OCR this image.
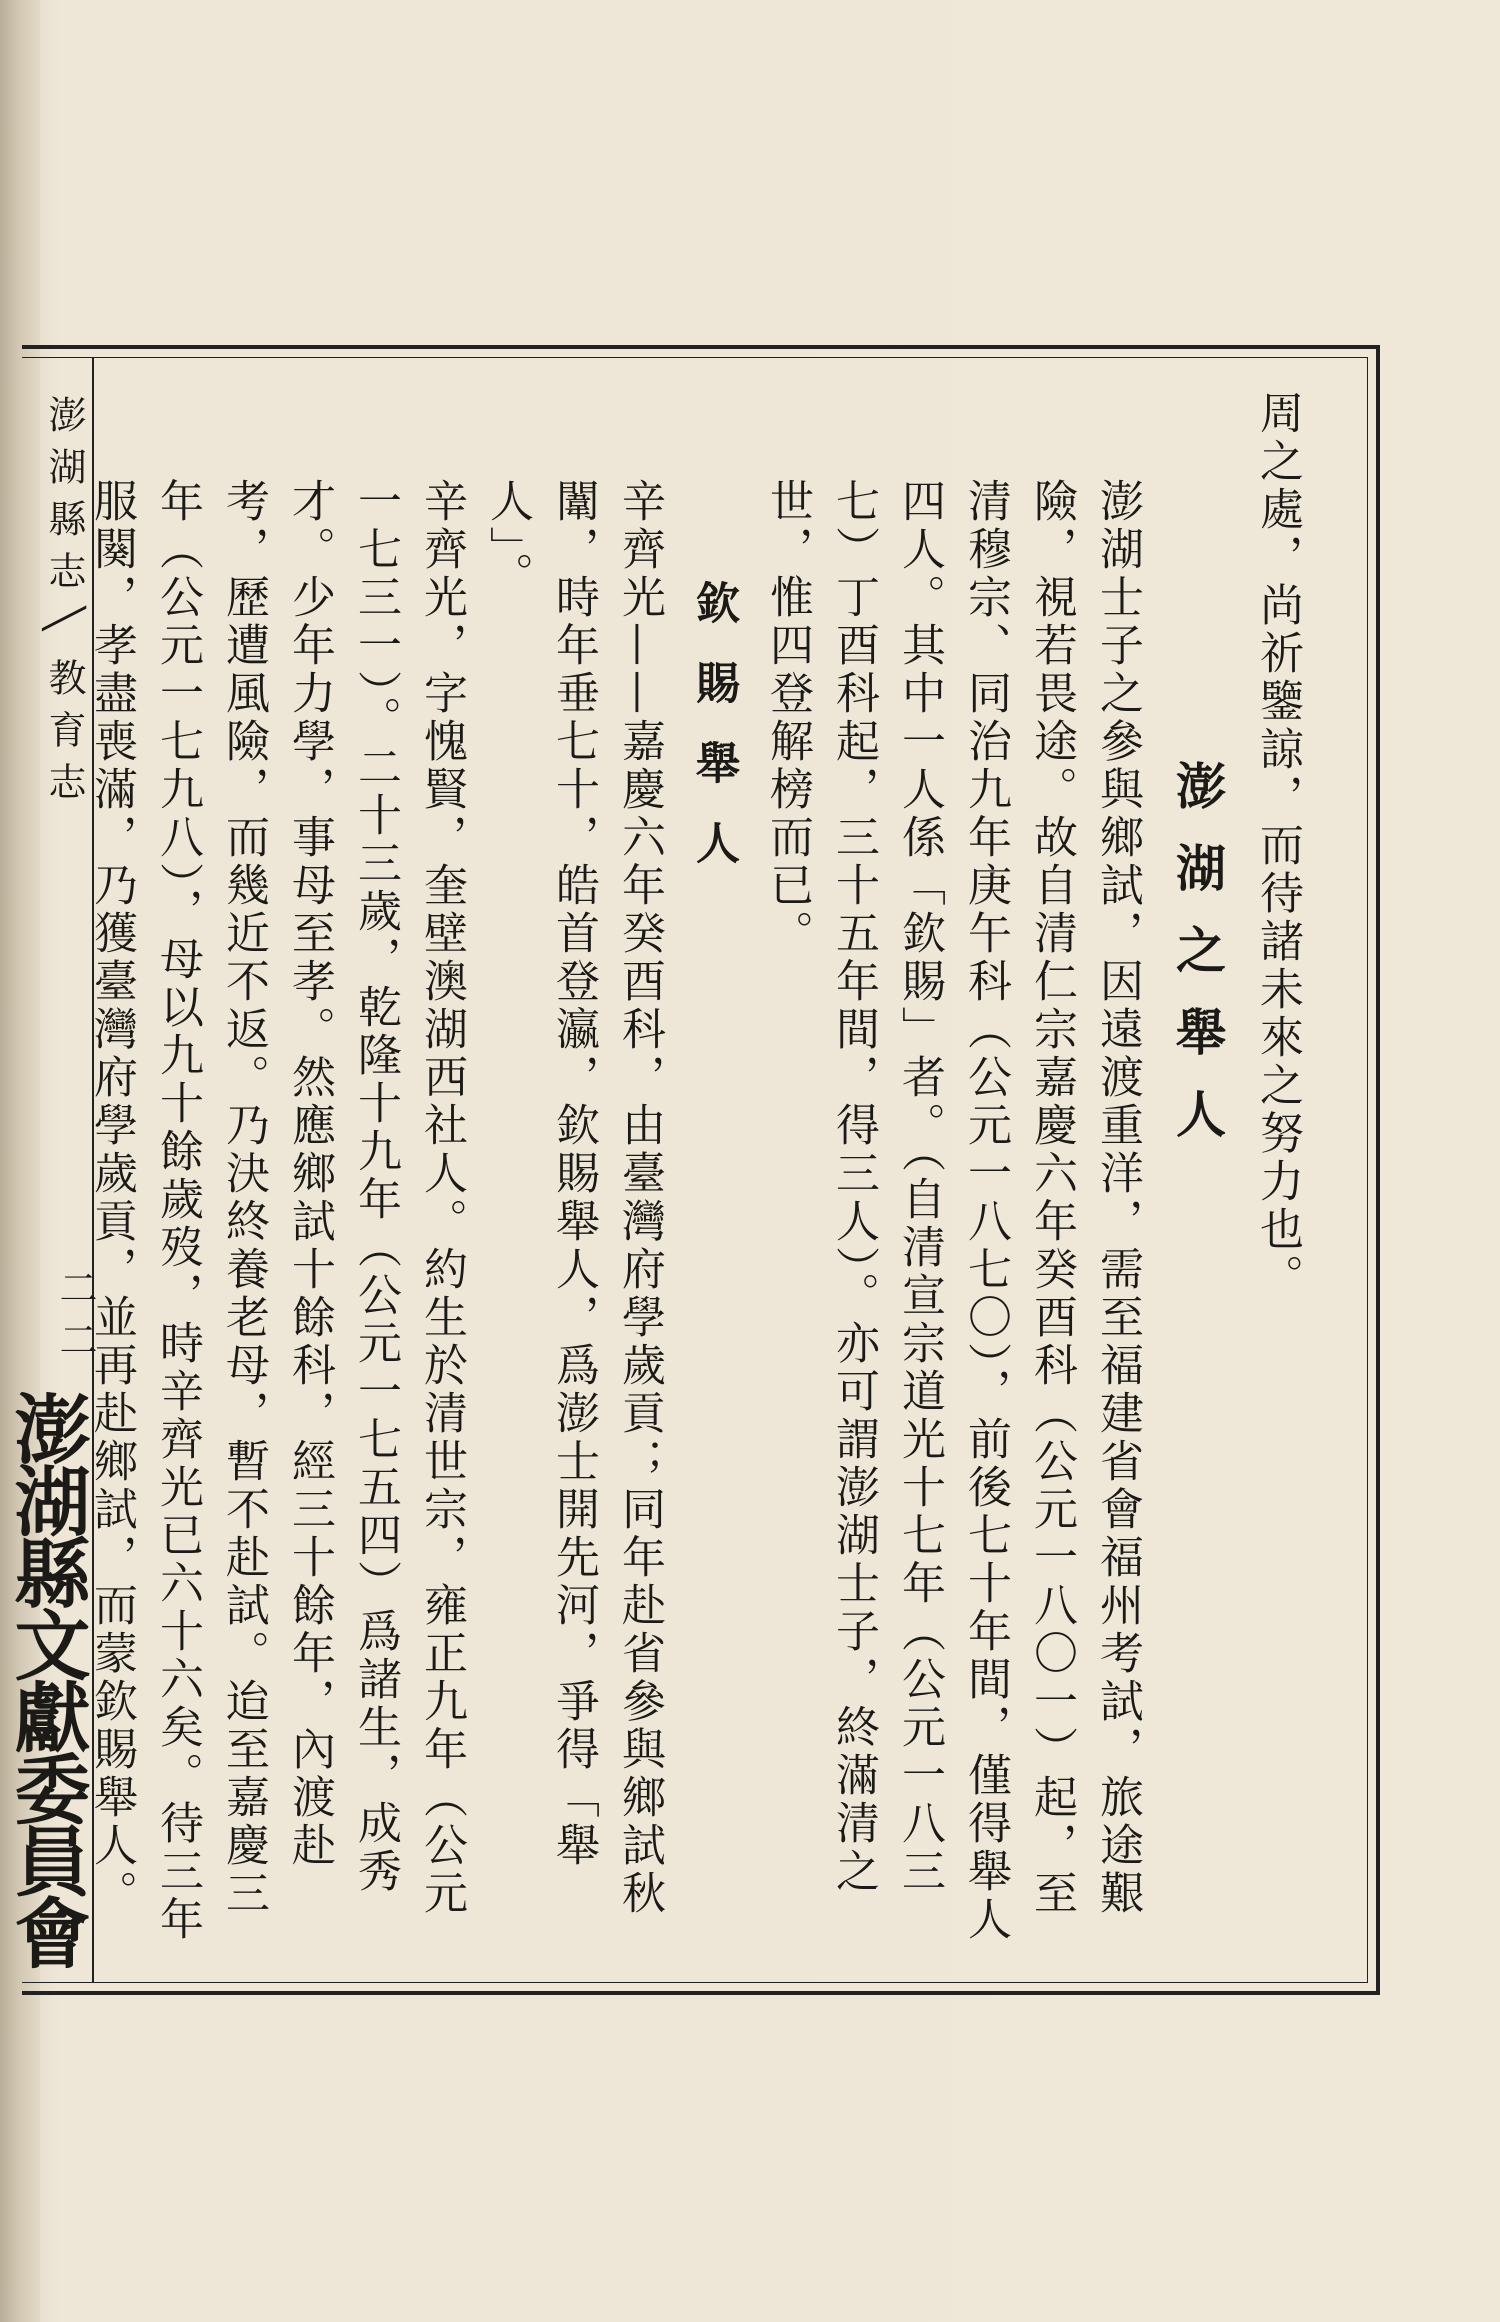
周之處，尚祈鑒諒，而待諸未來之努力也。

澎湖之舉人

澎湖士子之參與鄉試，因遠渡重洋，需至福建省會福州考試，旅途艱險，視若畏途。故自清仁宗嘉慶六年癸酉科（公元一八〇一）起，至清穆宗、同治九年庚午科（公元一八七〇），前後七十年間，僅得舉人四人。其中一人係「欽賜」者。（自清宣宗道光十七年（公元一八三七）丁酉科起，三十五年間，得三人）。亦可謂澎湖士子，終滿清之世，惟四登解榜而已。

欽賜舉人

辛齊光——嘉慶六年癸酉科，由臺灣府學歲貢；同年赴省參與鄉試秋闈，時年垂七十，皓首登瀛，欽賜舉人，爲澎士開先河，爭得「舉人」。

辛齊光，字愧賢，奎壁澳湖西社人。約生於清世宗，雍正九年（公元一七三一）。二十三歲，乾隆十九年（公元一七五四）爲諸生，成秀才。少年力學，事母至孝。然應鄉試十餘科，經三十餘年，內渡赴考，歷遭風險，而幾近不返。乃決終養老母，暫不赴試。迨至嘉慶三年（公元一七九八），母以九十餘歲歿，時辛齊光已六十六矣。待三年服闋，孝盡喪滿，乃獲臺灣府學歲貢，並再赴鄉試，而蒙欽賜舉人。

澎湖縣志╲教育志
二二
澎湖縣文獻委員會
